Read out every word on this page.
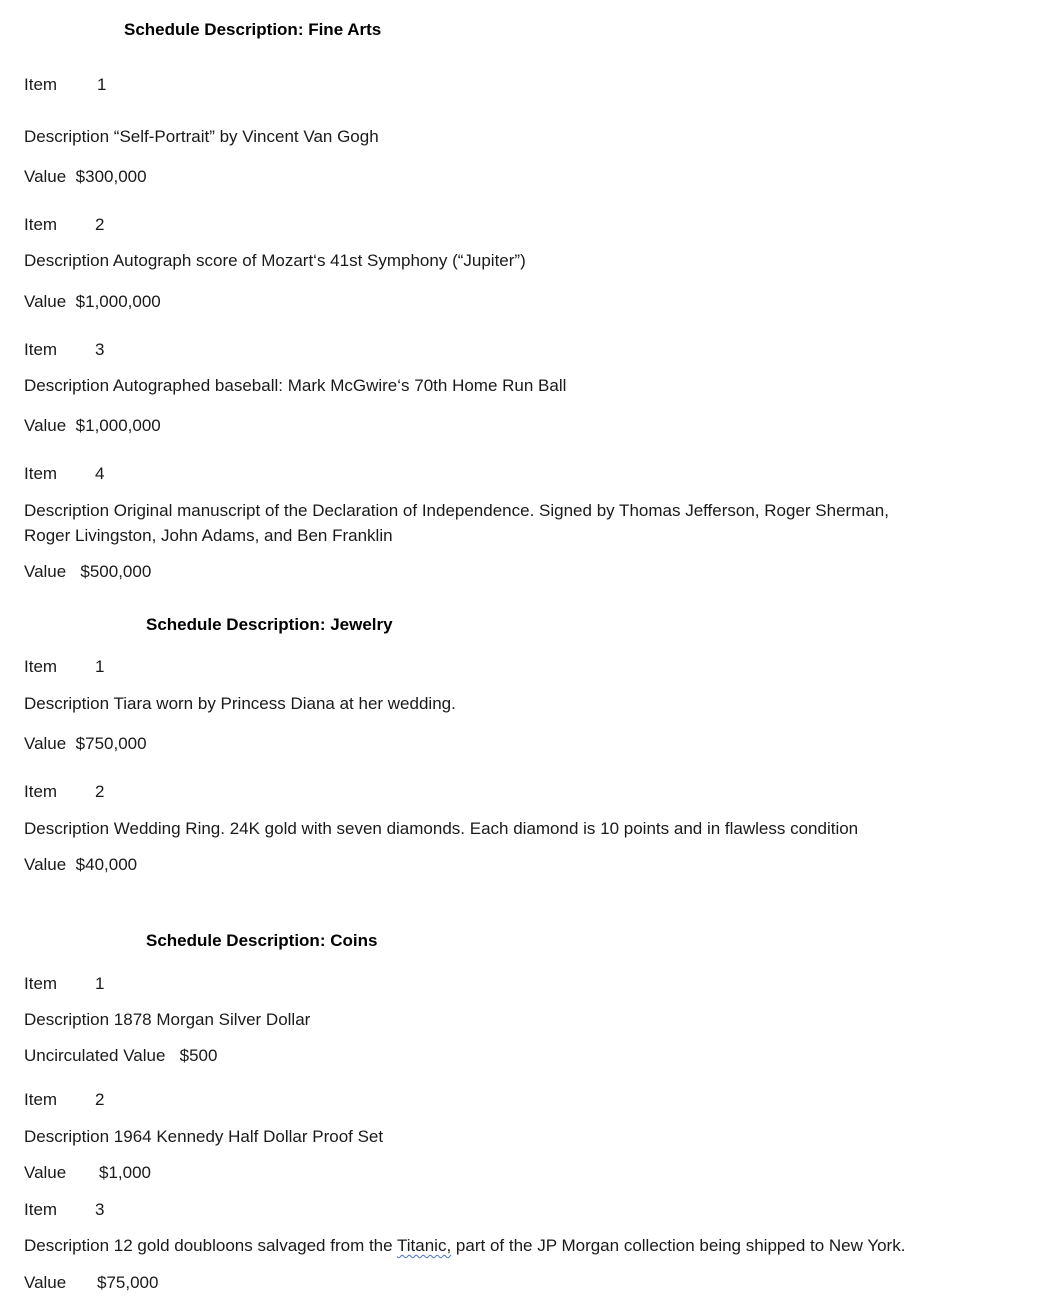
Schedule Description: Fine Arts
Item 1
Description “Self-Portrait” by Vincent Van Gogh
Value $300,000
Item 2
Description Autograph score of Mozart‘s 41st Symphony (“Jupiter”)
Value $1,000,000
Item 3
Description Autographed baseball: Mark McGwire‘s 70th Home Run Ball
Value $1,000,000
Item 4
Description Original manuscript of the Declaration of Independence. Signed by Thomas Jefferson, Roger Sherman, Roger Livingston, John Adams, and Ben Franklin
Value $500,000
Schedule Description: Jewelry
Item 1
Description Tiara worn by Princess Diana at her wedding.
Value $750,000
Item 2
Description Wedding Ring. 24K gold with seven diamonds. Each diamond is 10 points and in flawless condition
Value $40,000
Schedule Description: Coins
Item 1
Description 1878 Morgan Silver Dollar
Uncirculated Value $500
Item 2
Description 1964 Kennedy Half Dollar Proof Set
Value $1,000
Item 3
Description 12 gold doubloons salvaged from the Titanic, part of the JP Morgan collection being shipped to New York.
Value $75,000
